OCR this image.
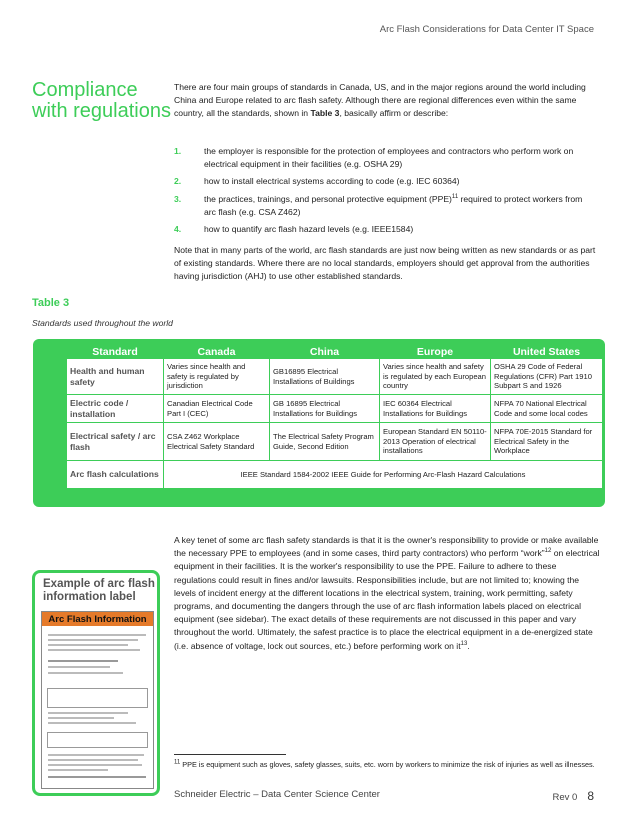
Arc Flash Considerations for Data Center IT Space
Compliance
with regulations
There are four main groups of standards in Canada, US, and in the major regions around the world including China and Europe related to arc flash safety. Although there are regional differences even within the same country, all the standards, shown in Table 3, basically affirm or describe:
1.	the employer is responsible for the protection of employees and contractors who perform work on electrical equipment in their facilities (e.g. OSHA 29)
2.	how to install electrical systems according to code (e.g. IEC 60364)
3.	the practices, trainings, and personal protective equipment (PPE)$^{11}$ required to protect workers from arc flash (e.g. CSA Z462)
4.	how to quantify arc flash hazard levels (e.g. IEEE1584)
Note that in many parts of the world, arc flash standards are just now being written as new standards or as part of existing standards. Where there are no local standards, employers should get approval from the authorities having jurisdiction (AHJ) to use other established standards.
Table 3
Standards used throughout the world
Standard	Canada	China	Europe	United States
Health and human safety	Varies since health and safety is regulated by jurisdiction	GB16895 Electrical Installations of Buildings	Varies since health and safety is regulated by each European country	OSHA 29 Code of Federal Regulations (CFR) Part 1910 Subpart S and 1926
Electric code / installation	Canadian Electrical Code Part I (CEC)	GB 16895 Electrical Installations for Buildings	IEC 60364 Electrical Installations for Buildings	NFPA 70 National Electrical Code and some local codes
Electrical safety / arc flash	CSA Z462 Workplace Electrical Safety Standard	The Electrical Safety Program Guide, Second Edition	European Standard EN 50110-2013 Operation of electrical installations	NFPA 70E-2015 Standard for Electrical Safety in the Workplace
Arc flash calculations	IEEE Standard 1584-2002 IEEE Guide for Performing Arc-Flash Hazard Calculations			
A key tenet of some arc flash safety standards is that it is the owner's responsibility to provide or make available the necessary PPE to employees (and in some cases, third party contractors) who perform “work”$^{12}$ on electrical equipment in their facilities. It is the worker's responsibility to use the PPE. Failure to adhere to these regulations could result in fines and/or lawsuits. Responsibilities include, but are not limited to; knowing the levels of incident energy at the different locations in the electrical system, training, work permitting, safety programs, and documenting the dangers through the use of arc flash information labels placed on electrical equipment (see sidebar). The exact details of these requirements are not discussed in this paper and vary throughout the world. Ultimately, the safest practice is to place the electrical equipment in a de-energized state (i.e. absence of voltage, lock out sources, etc.) before performing work on $it^{13}$.
Example of arc flash information label
Arc Flash Information
$^{11}$ PPE is equipment such as gloves, safety glasses, suits, etc. worn by workers to minimize the risk of injuries as well as illnesses.
Schneider Electric – Data Center Science Center	Rev 0 8
